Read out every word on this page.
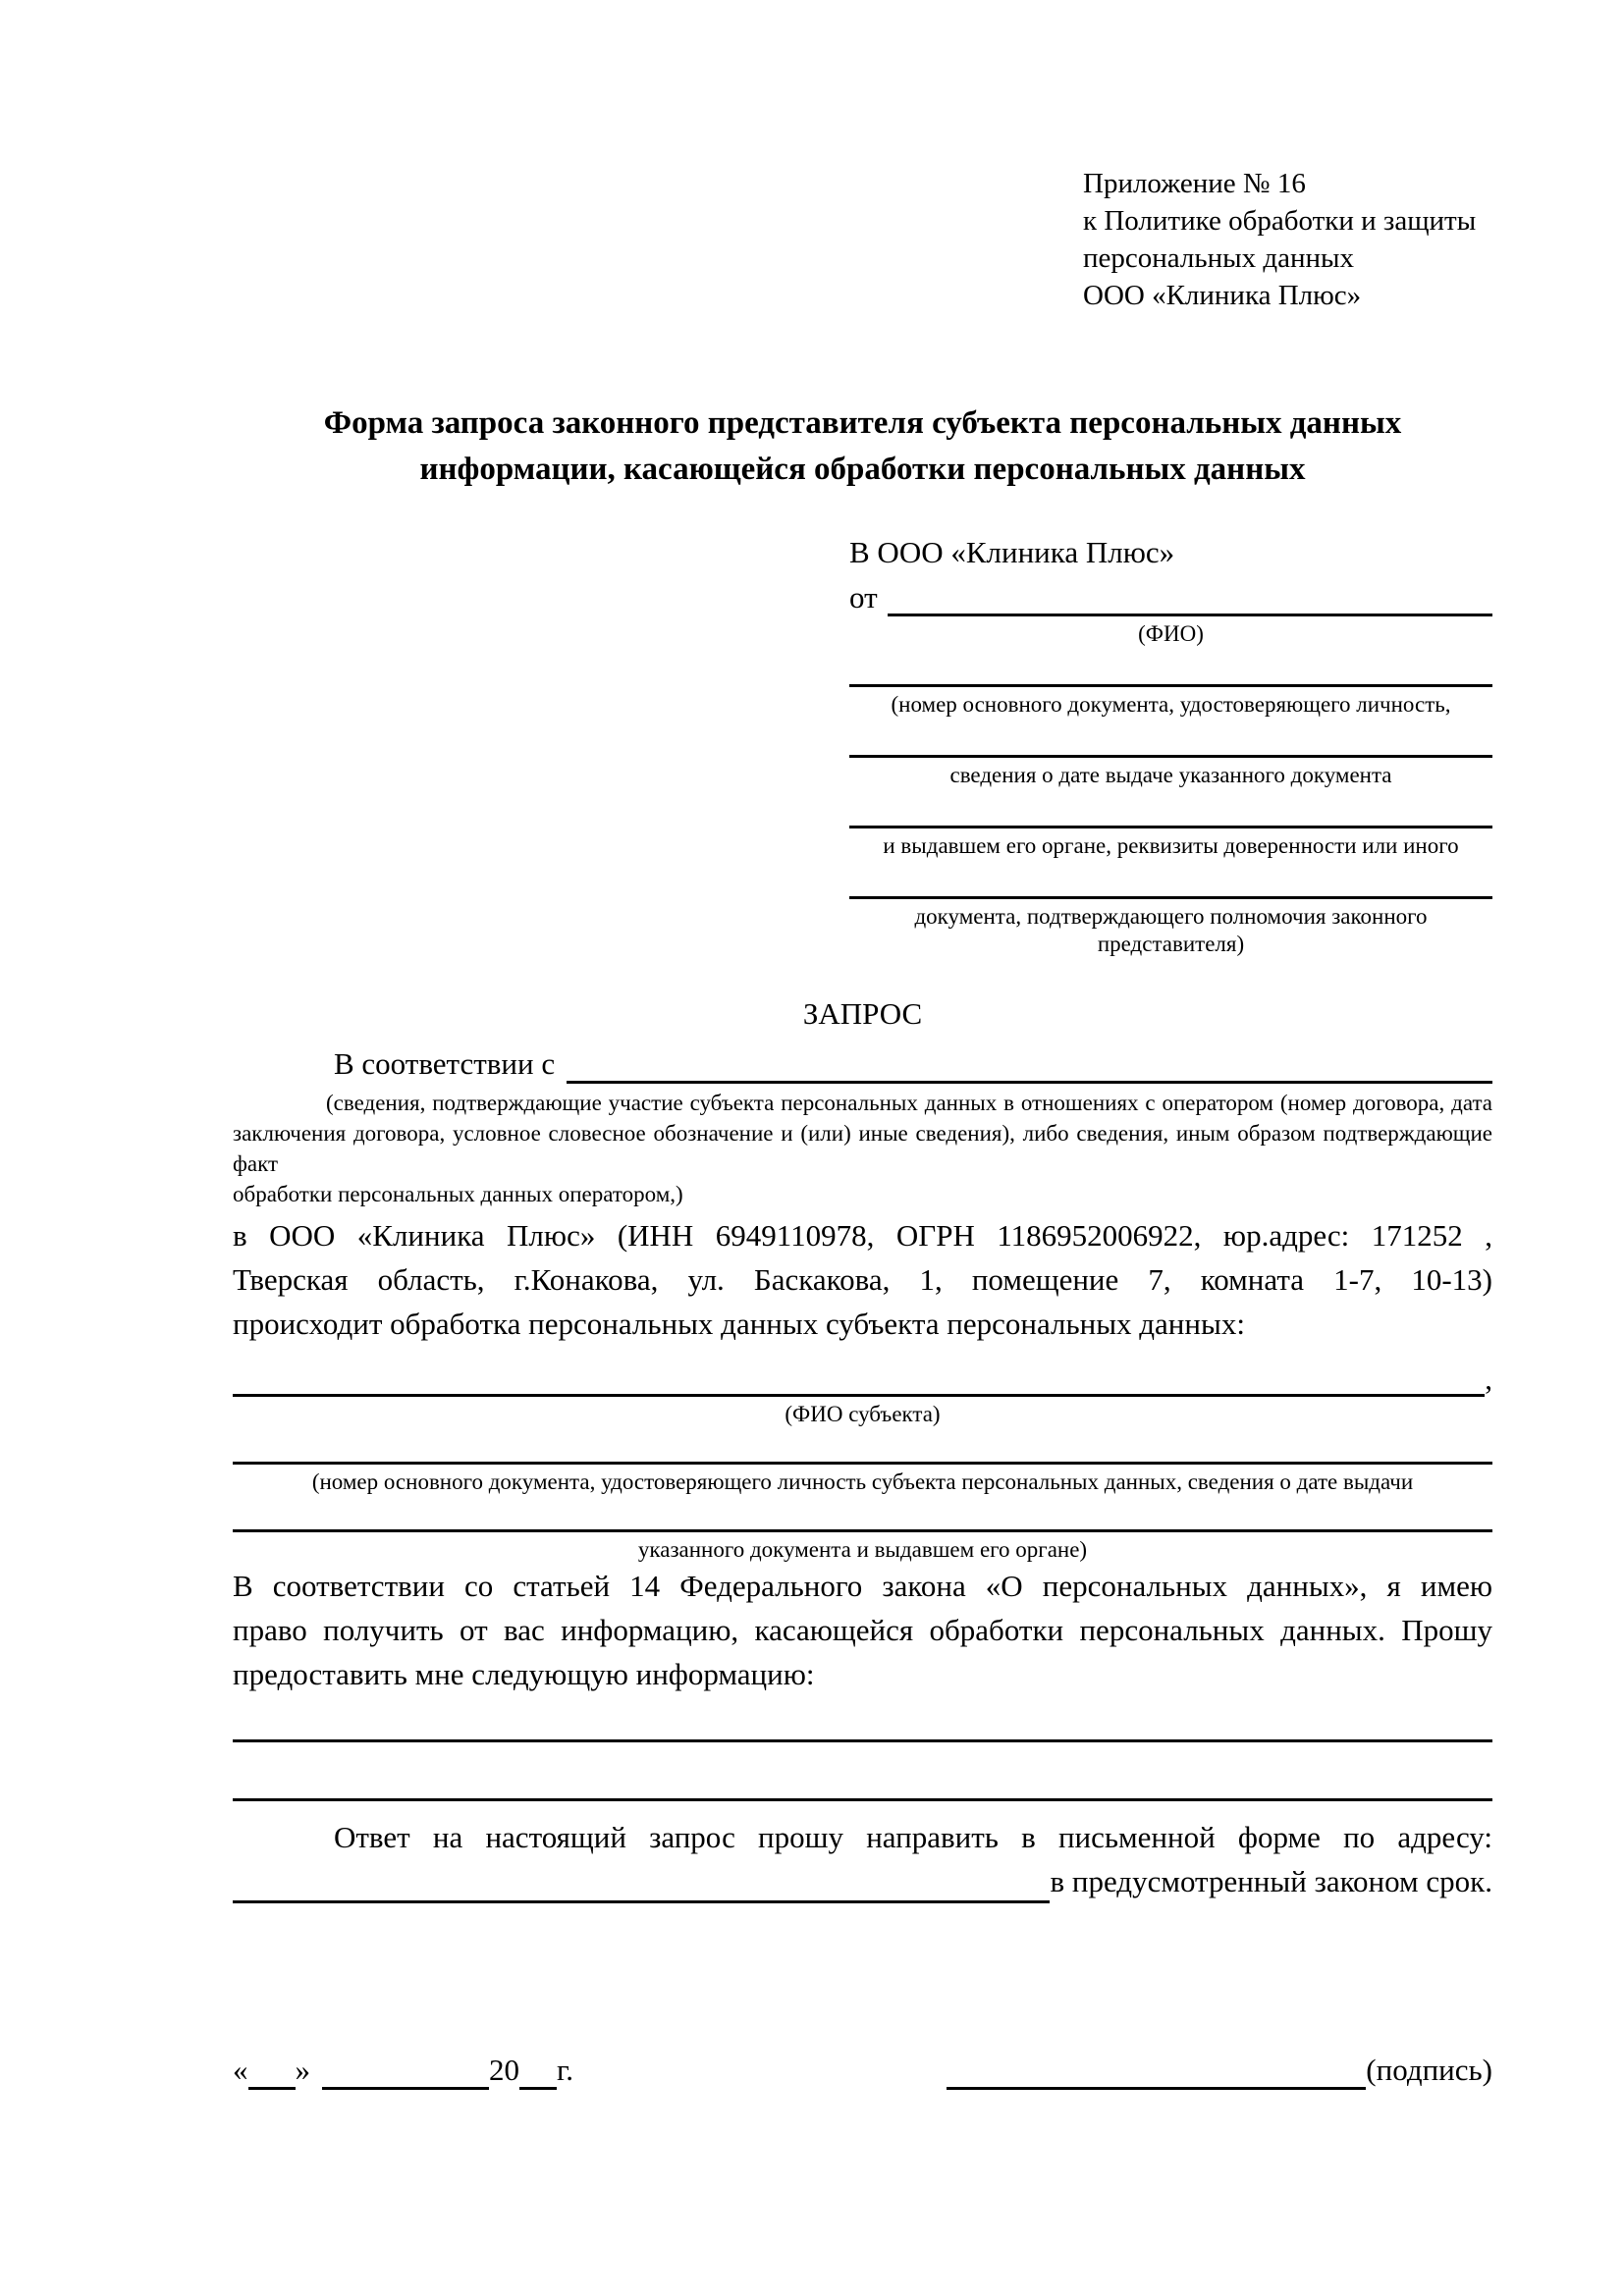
Приложение № 16
к Политике обработки и защиты
персональных данных
ООО «Клиника Плюс»
Форма запроса законного представителя субъекта персональных данных
информации, касающейся обработки персональных данных
В ООО «Клиника Плюс»
от
(ФИО)
(номер основного документа, удостоверяющего личность,
сведения о дате выдаче указанного документа
и выдавшем его органе, реквизиты доверенности или иного
документа, подтверждающего полномочия законного представителя)
ЗАПРОС
В соответствии с
(сведения, подтверждающие участие субъекта персональных данных в отношениях с оператором (номер договора, дата
заключения договора, условное словесное обозначение и (или) иные сведения), либо сведения, иным образом подтверждающие факт
обработки персональных данных оператором,)
в ООО «Клиника Плюс» (ИНН 6949110978, ОГРН 1186952006922, юр.адрес: 171252 ,
Тверская область, г.Конакова, ул. Баскакова, 1, помещение 7, комната 1-7, 10-13)
происходит обработка персональных данных субъекта персональных данных:
,
(ФИО субъекта)
(номер основного документа, удостоверяющего личность субъекта персональных данных, сведения о дате выдачи
указанного документа и выдавшем его органе)
В соответствии со статьей 14 Федерального закона «О персональных данных», я имею
право получить от вас информацию, касающейся обработки персональных данных. Прошу
предоставить мне следующую информацию:
Ответ на настоящий запрос прошу направить в письменной форме по адресу:
в предусмотренный законом срок.
« »	20 г.	(подпись)
